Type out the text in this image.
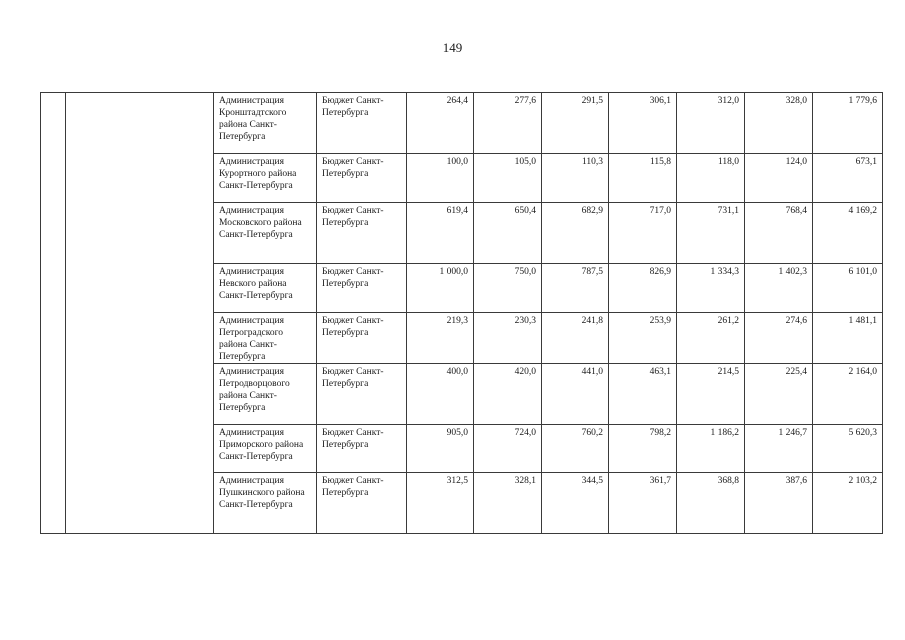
149
		Администрация Кронштадтского района Санкт-Петербурга	Бюджет Санкт-Петербурга	264,4	277,6	291,5	306,1	312,0	328,0	1 779,6
		Администрация Курортного района Санкт-Петербурга	Бюджет Санкт-Петербурга	100,0	105,0	110,3	115,8	118,0	124,0	673,1
		Администрация Московского района Санкт-Петербурга	Бюджет Санкт-Петербурга	619,4	650,4	682,9	717,0	731,1	768,4	4 169,2
		Администрация Невского района Санкт-Петербурга	Бюджет Санкт-Петербурга	1 000,0	750,0	787,5	826,9	1 334,3	1 402,3	6 101,0
		Администрация Петроградского района Санкт-Петербурга	Бюджет Санкт-Петербурга	219,3	230,3	241,8	253,9	261,2	274,6	1 481,1
		Администрация Петродворцового района Санкт-Петербурга	Бюджет Санкт-Петербурга	400,0	420,0	441,0	463,1	214,5	225,4	2 164,0
		Администрация Приморского района Санкт-Петербурга	Бюджет Санкт-Петербурга	905,0	724,0	760,2	798,2	1 186,2	1 246,7	5 620,3
		Администрация Пушкинского района Санкт-Петербурга	Бюджет Санкт-Петербурга	312,5	328,1	344,5	361,7	368,8	387,6	2 103,2
